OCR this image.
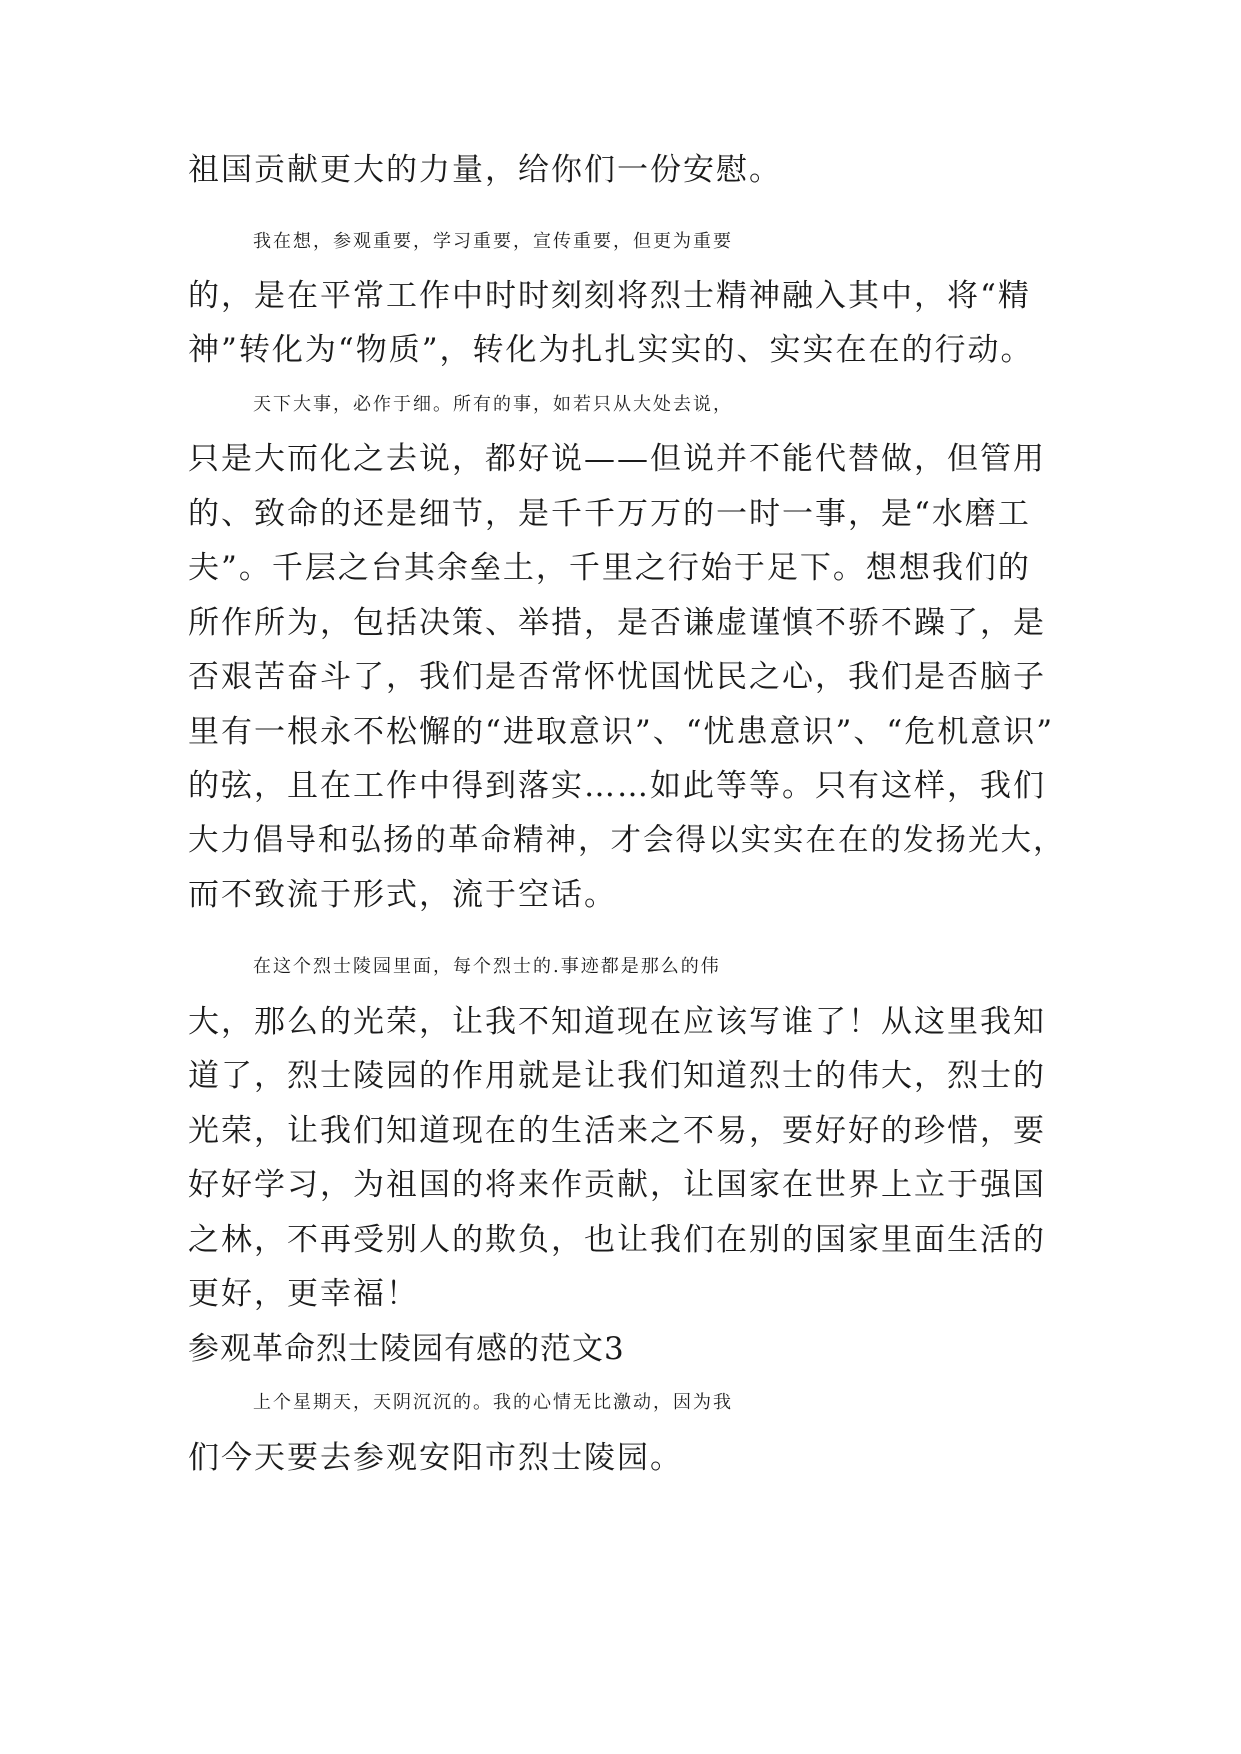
祖国贡献更大的力量，给你们一份安慰。
我在想，参观重要，学习重要，宣传重要，但更为重要
的，是在平常工作中时时刻刻将烈士精神融入其中，将“精
神”转化为“物质”，转化为扎扎实实的、实实在在的行动。
天下大事，必作于细。所有的事，如若只从大处去说，
只是大而化之去说，都好说——但说并不能代替做，但管用
的、致命的还是细节，是千千万万的一时一事，是“水磨工
夫”。千层之台其余垒土，千里之行始于足下。想想我们的
所作所为，包括决策、举措，是否谦虚谨慎不骄不躁了，是
否艰苦奋斗了，我们是否常怀忧国忧民之心，我们是否脑子
里有一根永不松懈的“进取意识”、“忧患意识”、“危机意识”
的弦，且在工作中得到落实……如此等等。只有这样，我们
大力倡导和弘扬的革命精神，才会得以实实在在的发扬光大，
而不致流于形式，流于空话。
在这个烈士陵园里面，每个烈士的.事迹都是那么的伟
大，那么的光荣，让我不知道现在应该写谁了！从这里我知
道了，烈士陵园的作用就是让我们知道烈士的伟大，烈士的
光荣，让我们知道现在的生活来之不易，要好好的珍惜，要
好好学习，为祖国的将来作贡献，让国家在世界上立于强国
之林，不再受别人的欺负，也让我们在别的国家里面生活的
更好，更幸福！
参观革命烈士陵园有感的范文3
上个星期天，天阴沉沉的。我的心情无比激动，因为我
们今天要去参观安阳市烈士陵园。
